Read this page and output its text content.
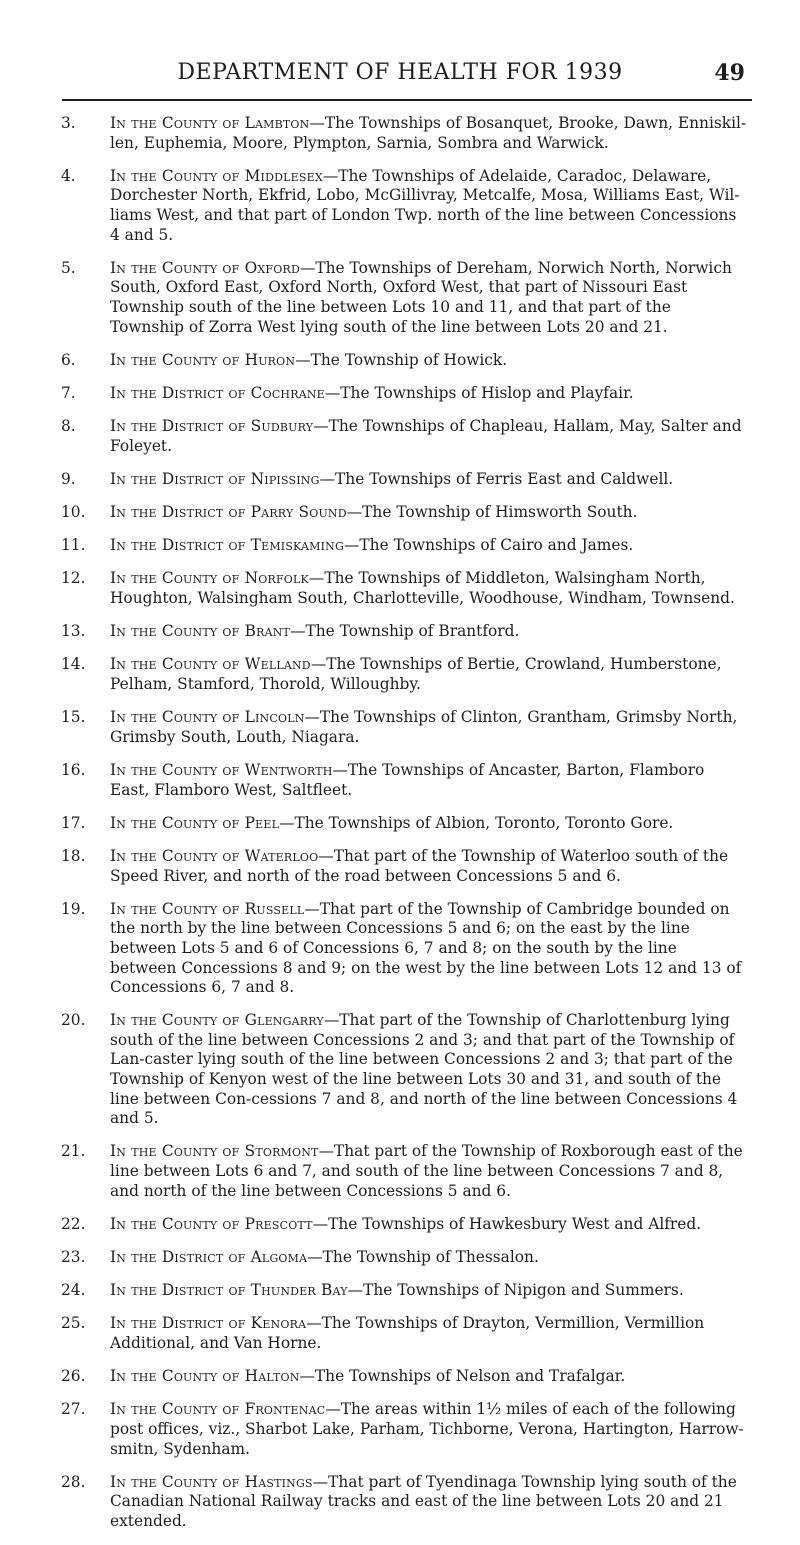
DEPARTMENT OF HEALTH FOR 1939	49
3.	In the County of Lambton—The Townships of Bosanquet, Brooke, Dawn, Enniskil-len, Euphemia, Moore, Plympton, Sarnia, Sombra and Warwick.
4.	In the County of Middlesex—The Townships of Adelaide, Caradoc, Delaware, Dorchester North, Ekfrid, Lobo, McGillivray, Metcalfe, Mosa, Williams East, Wil-liams West, and that part of London Twp. north of the line between Concessions 4 and 5.
5.	In the County of Oxford—The Townships of Dereham, Norwich North, Norwich South, Oxford East, Oxford North, Oxford West, that part of Nissouri East Township south of the line between Lots 10 and 11, and that part of the Township of Zorra West lying south of the line between Lots 20 and 21.
6.	In the County of Huron—The Township of Howick.
7.	In the District of Cochrane—The Townships of Hislop and Playfair.
8.	In the District of Sudbury—The Townships of Chapleau, Hallam, May, Salter and Foleyet.
9.	In the District of Nipissing—The Townships of Ferris East and Caldwell.
10.	In the District of Parry Sound—The Township of Himsworth South.
11.	In the District of Temiskaming—The Townships of Cairo and James.
12.	In the County of Norfolk—The Townships of Middleton, Walsingham North, Houghton, Walsingham South, Charlotteville, Woodhouse, Windham, Townsend.
13.	In the County of Brant—The Township of Brantford.
14.	In the County of Welland—The Townships of Bertie, Crowland, Humberstone, Pelham, Stamford, Thorold, Willoughby.
15.	In the County of Lincoln—The Townships of Clinton, Grantham, Grimsby North, Grimsby South, Louth, Niagara.
16.	In the County of Wentworth—The Townships of Ancaster, Barton, Flamboro East, Flamboro West, Saltfleet.
17.	In the County of Peel—The Townships of Albion, Toronto, Toronto Gore.
18.	In the County of Waterloo—That part of the Township of Waterloo south of the Speed River, and north of the road between Concessions 5 and 6.
19.	In the County of Russell—That part of the Township of Cambridge bounded on the north by the line between Concessions 5 and 6; on the east by the line between Lots 5 and 6 of Concessions 6, 7 and 8; on the south by the line between Concessions 8 and 9; on the west by the line between Lots 12 and 13 of Concessions 6, 7 and 8.
20.	In the County of Glengarry—That part of the Township of Charlottenburg lying south of the line between Concessions 2 and 3; and that part of the Township of Lan-caster lying south of the line between Concessions 2 and 3; that part of the Township of Kenyon west of the line between Lots 30 and 31, and south of the line between Con-cessions 7 and 8, and north of the line between Concessions 4 and 5.
21.	In the County of Stormont—That part of the Township of Roxborough east of the line between Lots 6 and 7, and south of the line between Concessions 7 and 8, and north of the line between Concessions 5 and 6.
22.	In the County of Prescott—The Townships of Hawkesbury West and Alfred.
23.	In the District of Algoma—The Township of Thessalon.
24.	In the District of Thunder Bay—The Townships of Nipigon and Summers.
25.	In the District of Kenora—The Townships of Drayton, Vermillion, Vermillion Additional, and Van Horne.
26.	In the County of Halton—The Townships of Nelson and Trafalgar.
27.	In the County of Frontenac—The areas within 1½ miles of each of the following post offices, viz., Sharbot Lake, Parham, Tichborne, Verona, Hartington, Harrow-smitn, Sydenham.
28.	In the County of Hastings—That part of Tyendinaga Township lying south of the Canadian National Railway tracks and east of the line between Lots 20 and 21 extended.
